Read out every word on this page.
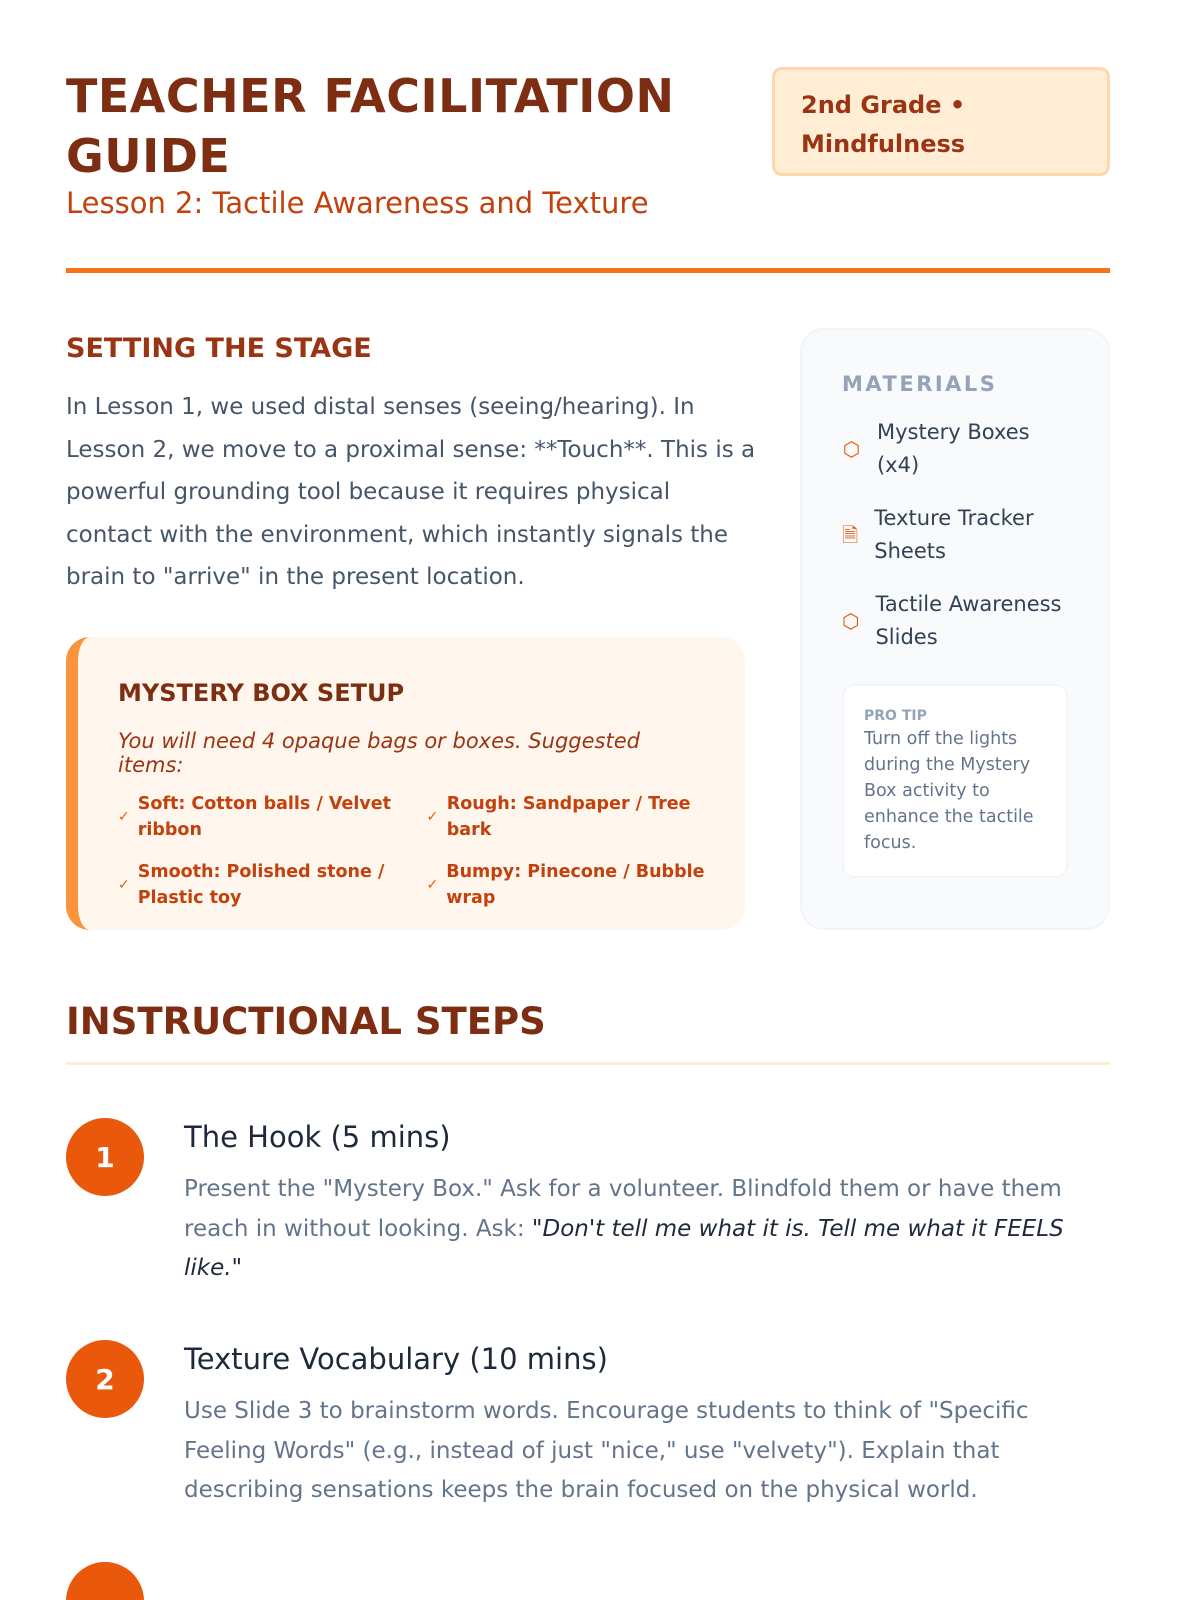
TEACHER FACILITATION GUIDE
Lesson 2: Tactile Awareness and Texture
2nd Grade • Mindfulness
SETTING THE STAGE

In Lesson 1, we used distal senses (seeing/hearing). In Lesson 2, we move to a proximal sense: **Touch**. This is a powerful grounding tool because it requires physical contact with the environment, which instantly signals the brain to "arrive" in the present location.

MYSTERY BOX SETUP
You will need 4 opaque bags or boxes. Suggested items:
✓
Soft: Cotton balls / Velvet ribbon
✓
Rough: Sandpaper / Tree bark
✓
Smooth: Polished stone / Plastic toy
✓
Bumpy: Pinecone / Bubble wrap
MATERIALS
⬡
Mystery Boxes (x4)
🗎
Texture Tracker Sheets
⬡
Tactile Awareness Slides
PRO TIP
Turn off the lights during the Mystery Box activity to enhance the tactile focus.
INSTRUCTIONAL STEPS
1
The Hook (5 mins)
Present the "Mystery Box." Ask for a volunteer. Blindfold them or have them reach in without looking. Ask: "Don't tell me what it is. Tell me what it FEELS like."
2
Texture Vocabulary (10 mins)
Use Slide 3 to brainstorm words. Encourage students to think of "Specific Feeling Words" (e.g., instead of just "nice," use "velvety"). Explain that describing sensations keeps the brain focused on the physical world.
